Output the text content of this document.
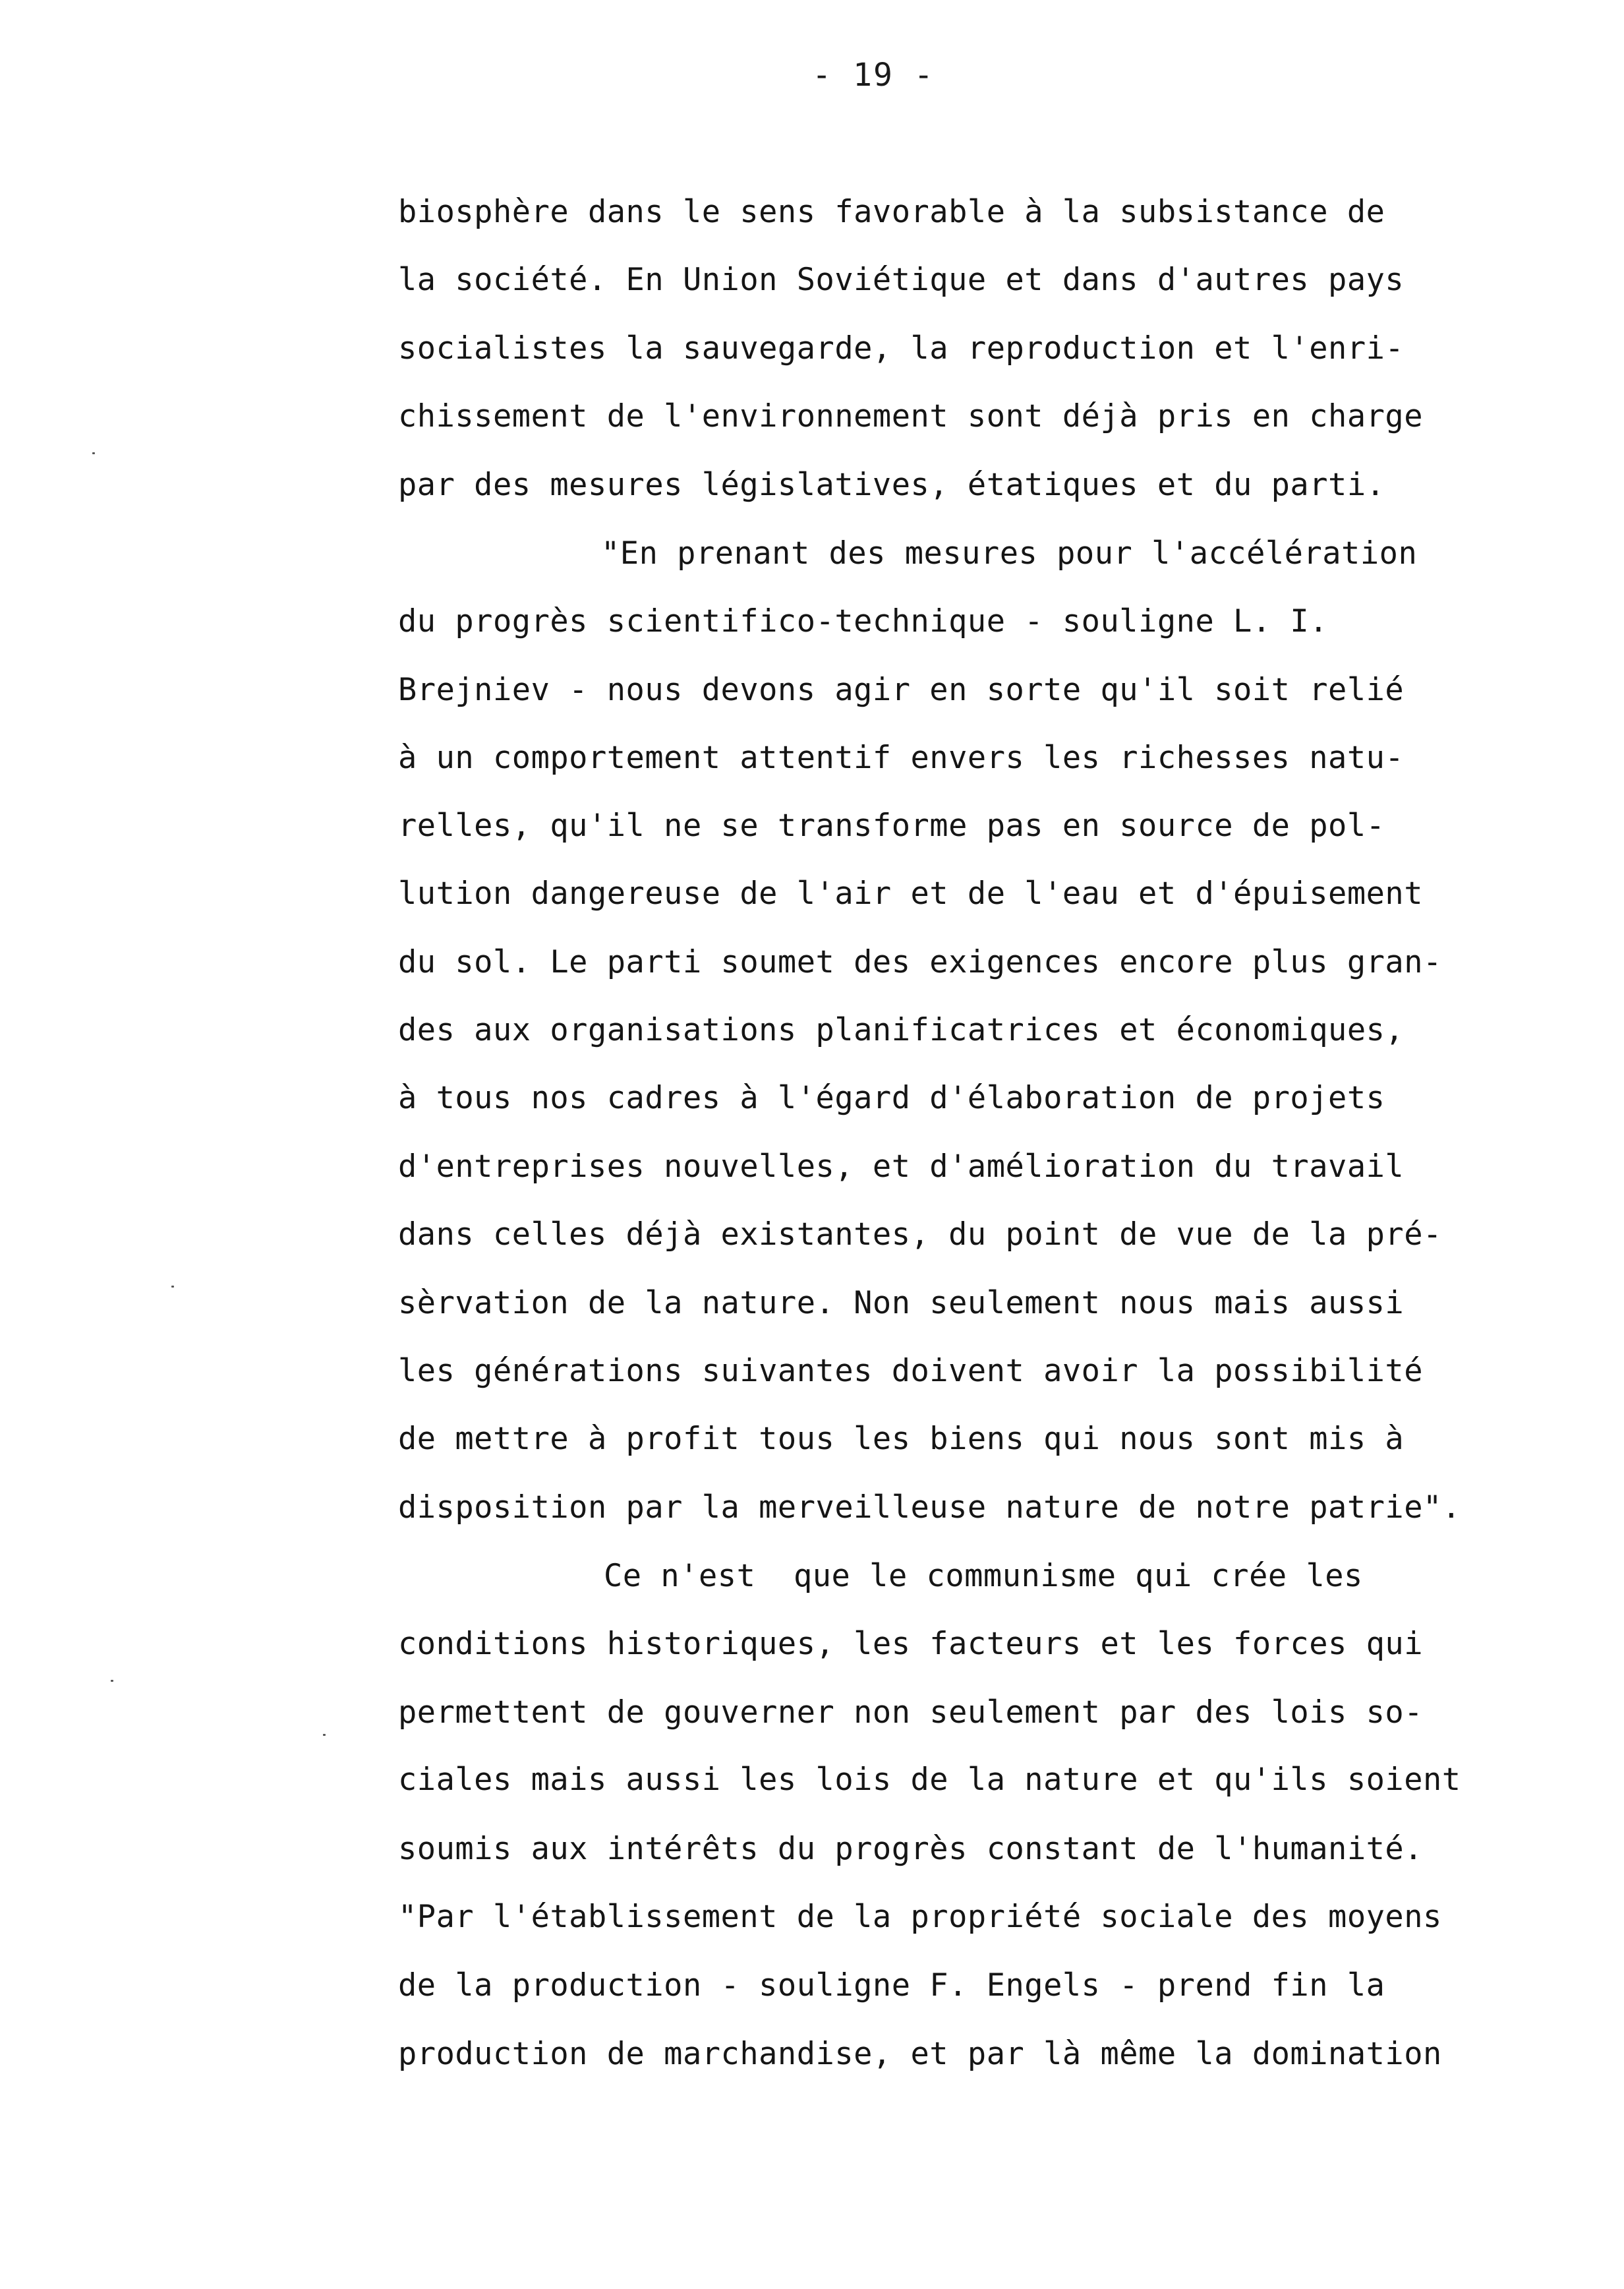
- 19 -
biosphère dans le sens favorable à la subsistance de
la société. En Union Soviétique et dans d'autres pays
socialistes la sauvegarde, la reproduction et l'enri-
chissement de l'environnement sont déjà pris en charge
par des mesures législatives, étatiques et du parti.
"En prenant des mesures pour l'accélération
du progrès scientifico-technique - souligne L. I.
Brejniev - nous devons agir en sorte qu'il soit relié
à un comportement attentif envers les richesses natu-
relles, qu'il ne se transforme pas en source de pol-
lution dangereuse de l'air et de l'eau et d'épuisement
du sol. Le parti soumet des exigences encore plus gran-
des aux organisations planificatrices et économiques,
à tous nos cadres à l'égard d'élaboration de projets
d'entreprises nouvelles, et d'amélioration du travail
dans celles déjà existantes, du point de vue de la pré-
sèrvation de la nature. Non seulement nous mais aussi
les générations suivantes doivent avoir la possibilité
de mettre à profit tous les biens qui nous sont mis à
disposition par la merveilleuse nature de notre patrie".
Ce n'est  que le communisme qui crée les
conditions historiques, les facteurs et les forces qui
permettent de gouverner non seulement par des lois so-
ciales mais aussi les lois de la nature et qu'ils soient
soumis aux intérêts du progrès constant de l'humanité.
"Par l'établissement de la propriété sociale des moyens
de la production - souligne F. Engels - prend fin la
production de marchandise, et par là même la domination
